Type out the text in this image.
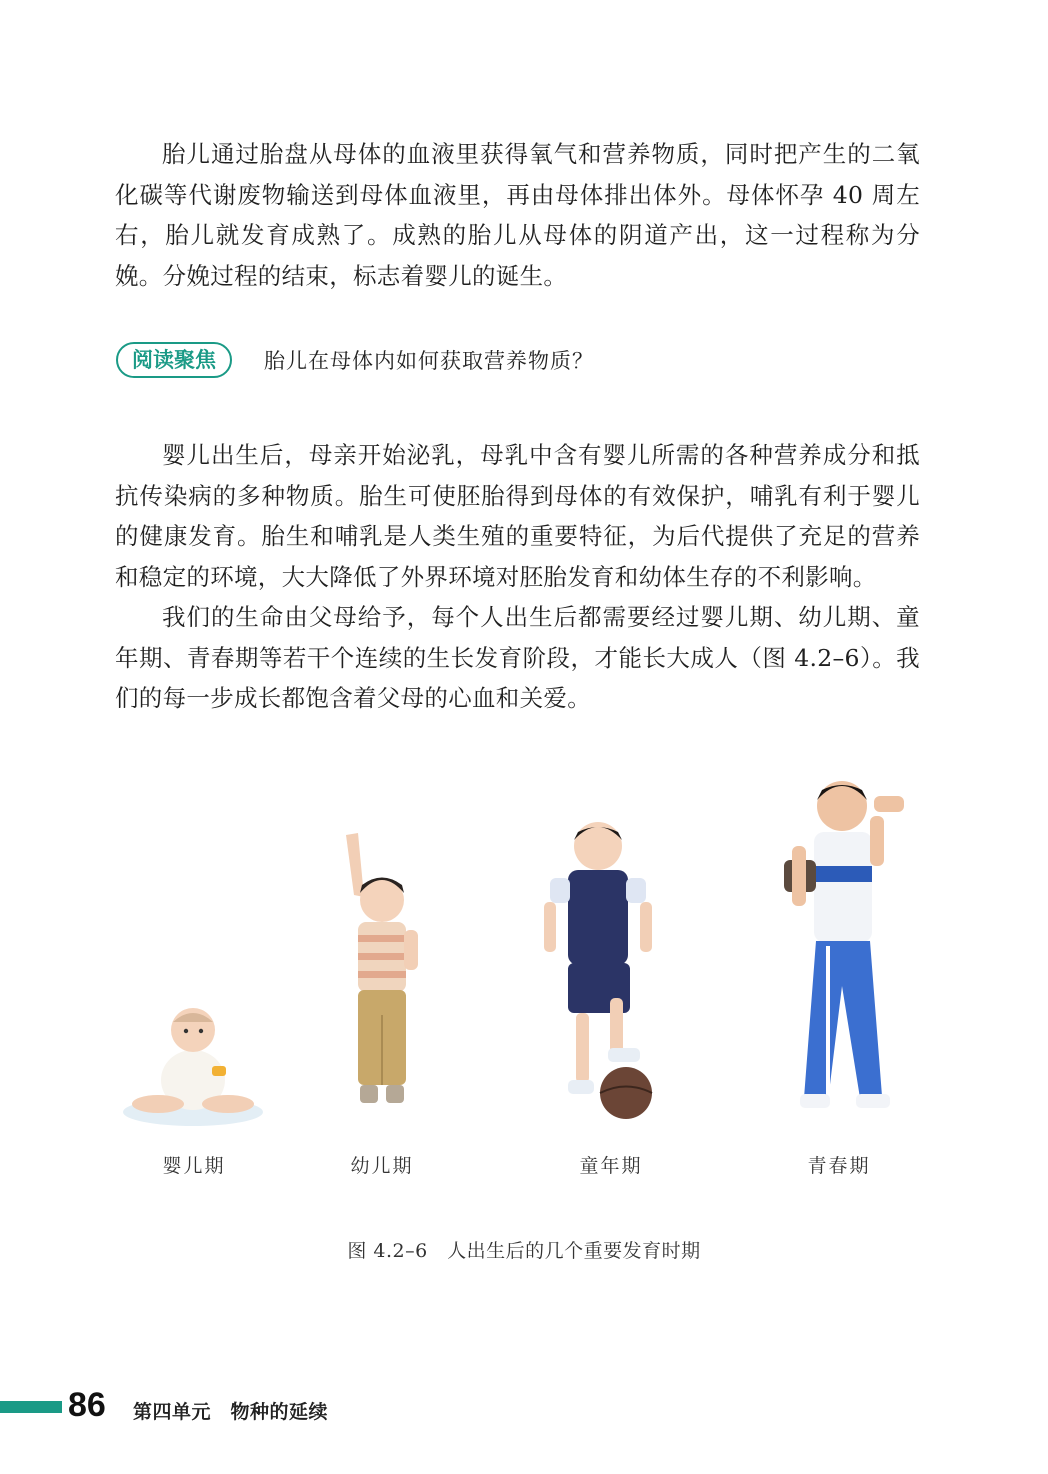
胎儿通过胎盘从母体的血液里获得氧气和营养物质，同时把产生的二氧化碳等代谢废物输送到母体血液里，再由母体排出体外。母体怀孕 40 周左右，胎儿就发育成熟了。成熟的胎儿从母体的阴道产出，这一过程称为分娩。分娩过程的结束，标志着婴儿的诞生。

阅读聚焦	胎儿在母体内如何获取营养物质？

婴儿出生后，母亲开始泌乳，母乳中含有婴儿所需的各种营养成分和抵抗传染病的多种物质。胎生可使胚胎得到母体的有效保护，哺乳有利于婴儿的健康发育。胎生和哺乳是人类生殖的重要特征，为后代提供了充足的营养和稳定的环境，大大降低了外界环境对胚胎发育和幼体生存的不利影响。

我们的生命由父母给予，每个人出生后都需要经过婴儿期、幼儿期、童年期、青春期等若干个连续的生长发育阶段，才能长大成人（图 4.2–6）。我们的每一步成长都饱含着父母的心血和关爱。

婴儿期	幼儿期	童年期	青春期
图 4.2–6　人出生后的几个重要发育时期
86 第四单元　物种的延续
